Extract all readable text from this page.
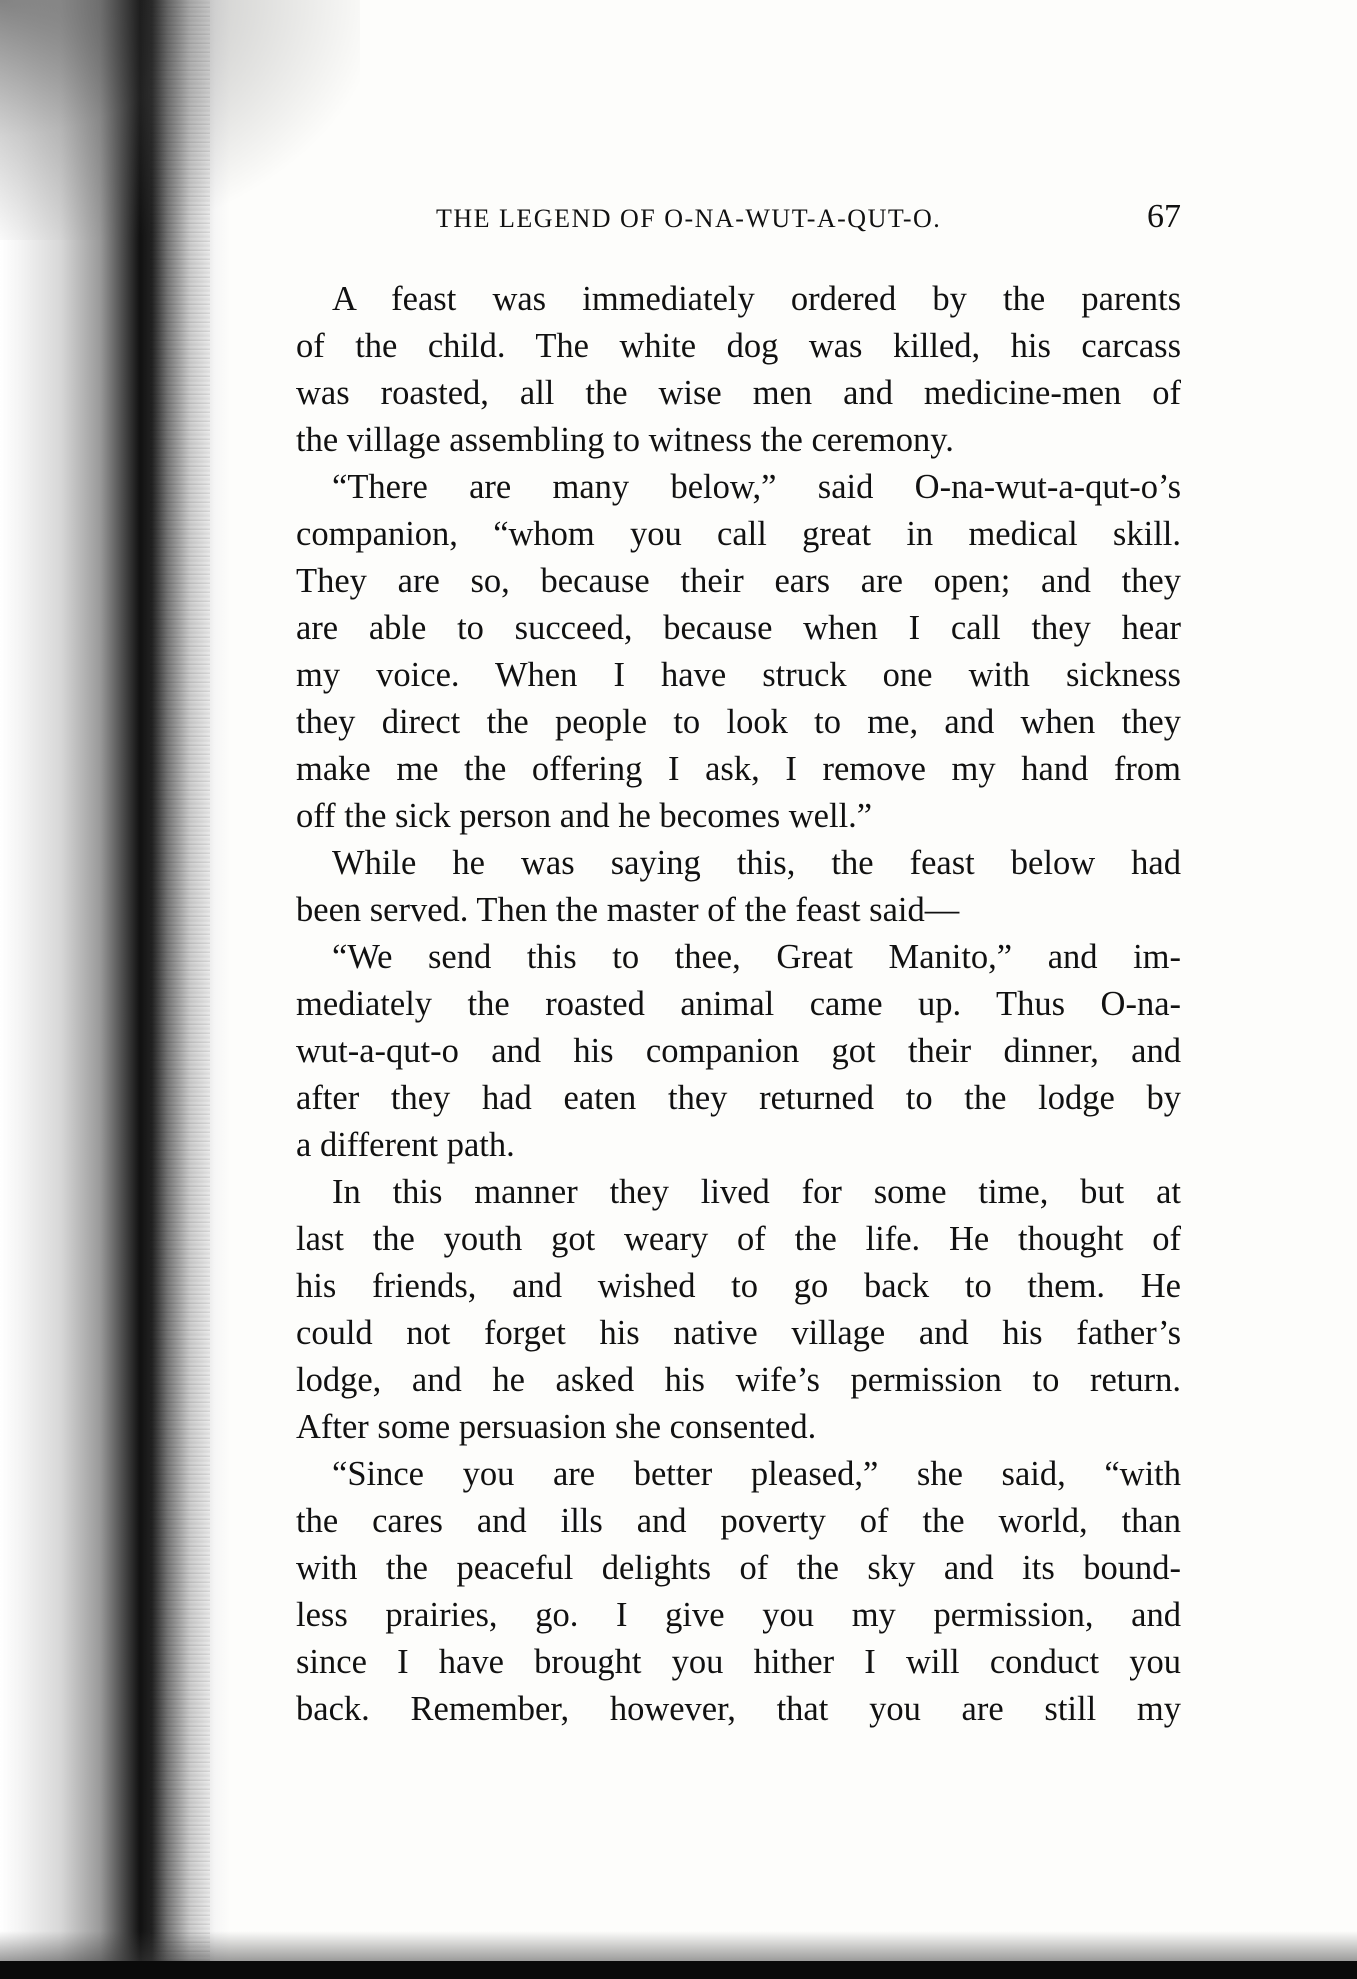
THE LEGEND OF O-NA-WUT-A-QUT-O.	67
A feast was immediately ordered by the parents
of the child. The white dog was killed, his carcass
was roasted, all the wise men and medicine-men of
the village assembling to witness the ceremony.
“There are many below,” said O-na-wut-a-qut-o’s
companion, “whom you call great in medical skill.
They are so, because their ears are open; and they
are able to succeed, because when I call they hear
my voice. When I have struck one with sickness
they direct the people to look to me, and when they
make me the offering I ask, I remove my hand from
off the sick person and he becomes well.”
While he was saying this, the feast below had
been served. Then the master of the feast said—
“We send this to thee, Great Manito,” and im-
mediately the roasted animal came up. Thus O-na-
wut-a-qut-o and his companion got their dinner, and
after they had eaten they returned to the lodge by
a different path.
In this manner they lived for some time, but at
last the youth got weary of the life. He thought of
his friends, and wished to go back to them. He
could not forget his native village and his father’s
lodge, and he asked his wife’s permission to return.
After some persuasion she consented.
“Since you are better pleased,” she said, “with
the cares and ills and poverty of the world, than
with the peaceful delights of the sky and its bound-
less prairies, go. I give you my permission, and
since I have brought you hither I will conduct you
back. Remember, however, that you are still my
